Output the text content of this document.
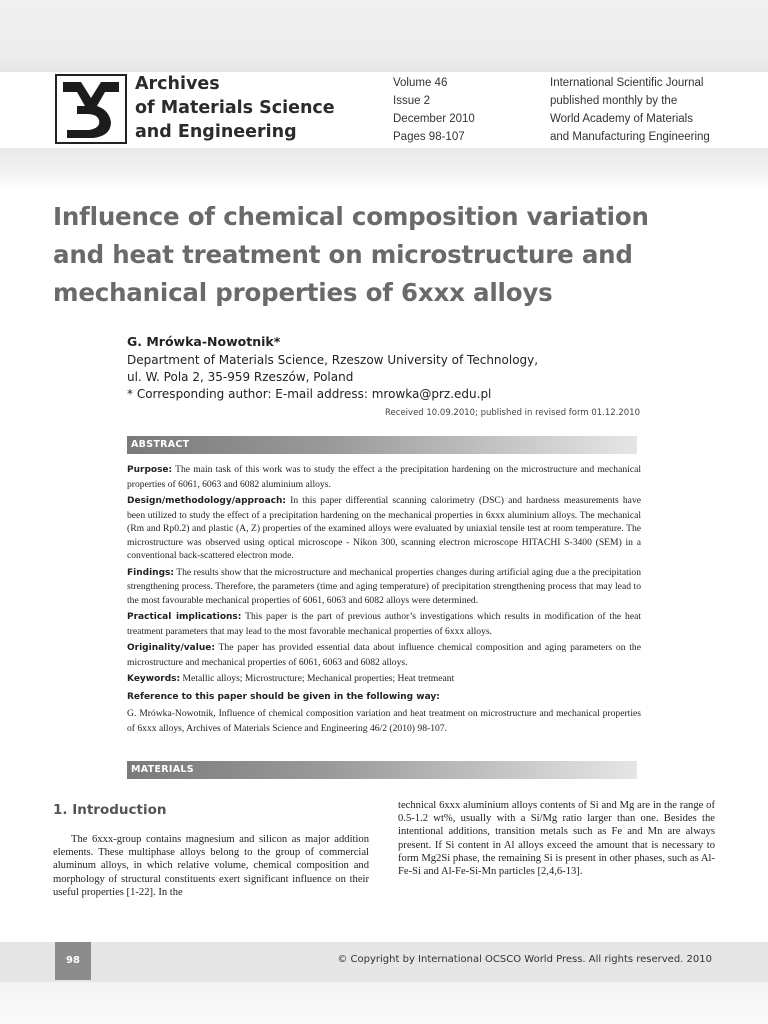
Archives
of Materials Science
and Engineering
Volume 46
Issue 2
December 2010
Pages 98-107
International Scientific Journal
published monthly by the
World Academy of Materials
and Manufacturing Engineering
Influence of chemical composition variation
and heat treatment on microstructure and
mechanical properties of 6xxx alloys
G. Mrówka-Nowotnik*
Department of Materials Science, Rzeszow University of Technology,
ul. W. Pola 2, 35-959 Rzeszów, Poland
* Corresponding author: E-mail address: mrowka@prz.edu.pl
Received 10.09.2010; published in revised form 01.12.2010
ABSTRACT

Purpose: The main task of this work was to study the effect a the precipitation hardening on the microstructure and mechanical properties of 6061, 6063 and 6082 aluminium alloys.

Design/methodology/approach: In this paper differential scanning calorimetry (DSC) and hardness measurements have been utilized to study the effect of a precipitation hardening on the mechanical properties in 6xxx aluminium alloys. The mechanical (Rm and Rp0.2) and plastic (A, Z) properties of the examined alloys were evaluated by uniaxial tensile test at room temperature. The microstructure was observed using optical microscope - Nikon 300, scanning electron microscope HITACHI S-3400 (SEM) in a conventional back-scattered electron mode.

Findings: The results show that the microstructure and mechanical properties changes during artificial aging due a the precipitation strengthening process. Therefore, the parameters (time and aging temperature) of precipitation strengthening process that may lead to the most favourable mechanical properties of 6061, 6063 and 6082 alloys were determined.

Practical implications: This paper is the part of previous author’s investigations which results in modification of the heat treatment parameters that may lead to the most favorable mechanical properties of 6xxx alloys.

Originality/value: The paper has provided essential data about influence chemical composition and aging parameters on the microstructure and mechanical properties of 6061, 6063 and 6082 alloys.

Keywords: Metallic alloys; Microstructure; Mechanical properties; Heat tretmeant

Reference to this paper should be given in the following way:

G. Mrówka-Nowotnik, Influence of chemical composition variation and heat treatment on microstructure and mechanical properties of 6xxx alloys, Archives of Materials Science and Engineering 46/2 (2010) 98-107.

MATERIALS
1. Introduction

The 6xxx-group contains magnesium and silicon as major addition elements. These multiphase alloys belong to the group of commercial aluminum alloys, in which relative volume, chemical composition and morphology of structural constituents exert significant influence on their useful properties [1-22]. In the

technical 6xxx aluminium alloys contents of Si and Mg are in the range of 0.5-1.2 wt%, usually with a Si/Mg ratio larger than one. Besides the intentional additions, transition metals such as Fe and Mn are always present. If Si content in Al alloys exceed the amount that is necessary to form Mg2Si phase, the remaining Si is present in other phases, such as Al-Fe-Si and Al-Fe-Si-Mn particles [2,4,6-13].

98	© Copyright by International OCSCO World Press. All rights reserved. 2010
